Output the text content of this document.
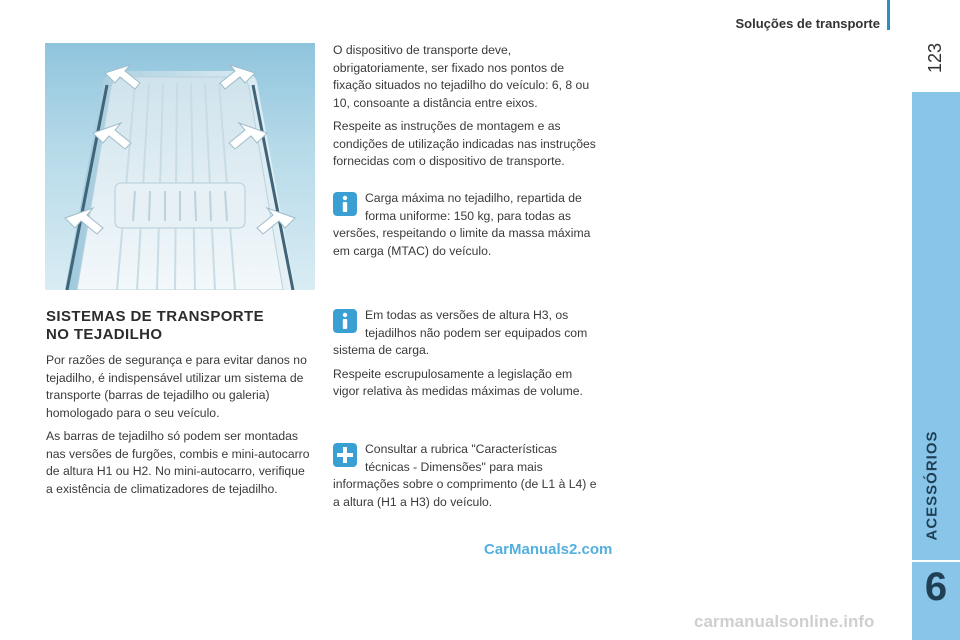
Soluções de transporte
123
ACESSÓRIOS
6
SISTEMAS DE TRANSPORTE
NO TEJADILHO

Por razões de segurança e para evitar danos no tejadilho, é indispensável utilizar um sistema de transporte (barras de tejadilho ou galeria) homologado para o seu veículo.

As barras de tejadilho só podem ser montadas nas versões de furgões, combis e mini-autocarro de altura H1 ou H2. No mini-autocarro, verifique a existência de climatizadores de tejadilho.

O dispositivo de transporte deve, obrigatoriamente, ser fixado nos pontos de fixação situados no tejadilho do veículo: 6, 8 ou 10, consoante a distância entre eixos.

Respeite as instruções de montagem e as condições de utilização indicadas nas instruções fornecidas com o dispositivo de transporte.

Carga máxima no tejadilho, repartida de forma uniforme: 150 kg, para todas as versões, respeitando o limite da massa máxima em carga (MTAC) do veículo.

Em todas as versões de altura H3, os tejadilhos não podem ser equipados com sistema de carga.

Respeite escrupulosamente a legislação em vigor relativa às medidas máximas de volume.

Consultar a rubrica "Características técnicas - Dimensões" para mais informações sobre o comprimento (de L1 à L4) e a altura (H1 a H3) do veículo.

CarManuals2.com
carmanualsonline.info
